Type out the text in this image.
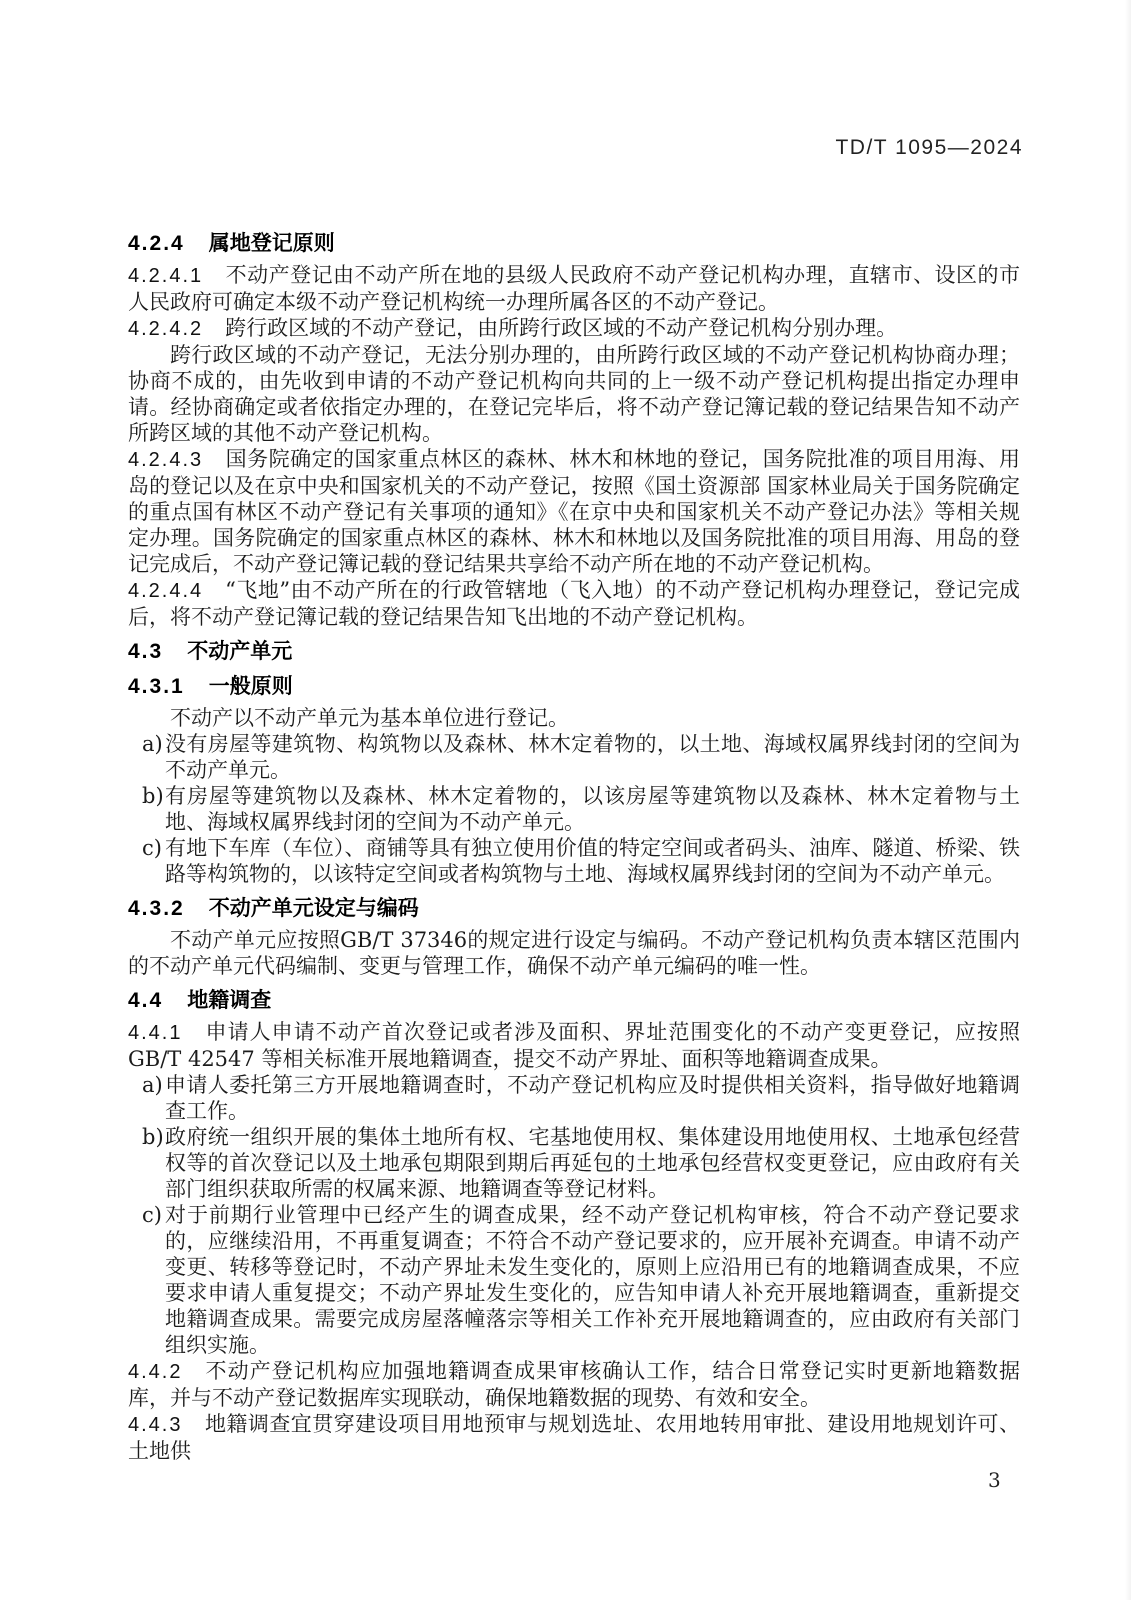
TD/T 1095—2024
4.2.4 属地登记原则

4.2.4.1 不动产登记由不动产所在地的县级人民政府不动产登记机构办理，直辖市、设区的市人民政府可确定本级不动产登记机构统一办理所属各区的不动产登记。

4.2.4.2 跨行政区域的不动产登记，由所跨行政区域的不动产登记机构分别办理。

跨行政区域的不动产登记，无法分别办理的，由所跨行政区域的不动产登记机构协商办理；协商不成的，由先收到申请的不动产登记机构向共同的上一级不动产登记机构提出指定办理申请。经协商确定或者依指定办理的，在登记完毕后，将不动产登记簿记载的登记结果告知不动产所跨区域的其他不动产登记机构。

4.2.4.3 国务院确定的国家重点林区的森林、林木和林地的登记，国务院批准的项目用海、用岛的登记以及在京中央和国家机关的不动产登记，按照《国土资源部 国家林业局关于国务院确定的重点国有林区不动产登记有关事项的通知》《在京中央和国家机关不动产登记办法》等相关规定办理。国务院确定的国家重点林区的森林、林木和林地以及国务院批准的项目用海、用岛的登记完成后，不动产登记簿记载的登记结果共享给不动产所在地的不动产登记机构。

4.2.4.4 “飞地”由不动产所在的行政管辖地（飞入地）的不动产登记机构办理登记，登记完成后，将不动产登记簿记载的登记结果告知飞出地的不动产登记机构。

4.3 不动产单元
4.3.1 一般原则

不动产以不动产单元为基本单位进行登记。

a) 没有房屋等建筑物、构筑物以及森林、林木定着物的，以土地、海域权属界线封闭的空间为不动产单元。
b) 有房屋等建筑物以及森林、林木定着物的，以该房屋等建筑物以及森林、林木定着物与土地、海域权属界线封闭的空间为不动产单元。
c) 有地下车库（车位）、商铺等具有独立使用价值的特定空间或者码头、油库、隧道、桥梁、铁路等构筑物的，以该特定空间或者构筑物与土地、海域权属界线封闭的空间为不动产单元。
4.3.2 不动产单元设定与编码

不动产单元应按照GB/T 37346的规定进行设定与编码。不动产登记机构负责本辖区范围内的不动产单元代码编制、变更与管理工作，确保不动产单元编码的唯一性。

4.4 地籍调查

4.4.1 申请人申请不动产首次登记或者涉及面积、界址范围变化的不动产变更登记，应按照 GB/T 42547 等相关标准开展地籍调查，提交不动产界址、面积等地籍调查成果。

a) 申请人委托第三方开展地籍调查时，不动产登记机构应及时提供相关资料，指导做好地籍调查工作。
b) 政府统一组织开展的集体土地所有权、宅基地使用权、集体建设用地使用权、土地承包经营权等的首次登记以及土地承包期限到期后再延包的土地承包经营权变更登记，应由政府有关部门组织获取所需的权属来源、地籍调查等登记材料。
c) 对于前期行业管理中已经产生的调查成果，经不动产登记机构审核，符合不动产登记要求的，应继续沿用，不再重复调查；不符合不动产登记要求的，应开展补充调查。申请不动产变更、转移等登记时，不动产界址未发生变化的，原则上应沿用已有的地籍调查成果，不应要求申请人重复提交；不动产界址发生变化的，应告知申请人补充开展地籍调查，重新提交地籍调查成果。需要完成房屋落幢落宗等相关工作补充开展地籍调查的，应由政府有关部门组织实施。

4.4.2 不动产登记机构应加强地籍调查成果审核确认工作，结合日常登记实时更新地籍数据库，并与不动产登记数据库实现联动，确保地籍数据的现势、有效和安全。

4.4.3 地籍调查宜贯穿建设项目用地预审与规划选址、农用地转用审批、建设用地规划许可、土地供

3
